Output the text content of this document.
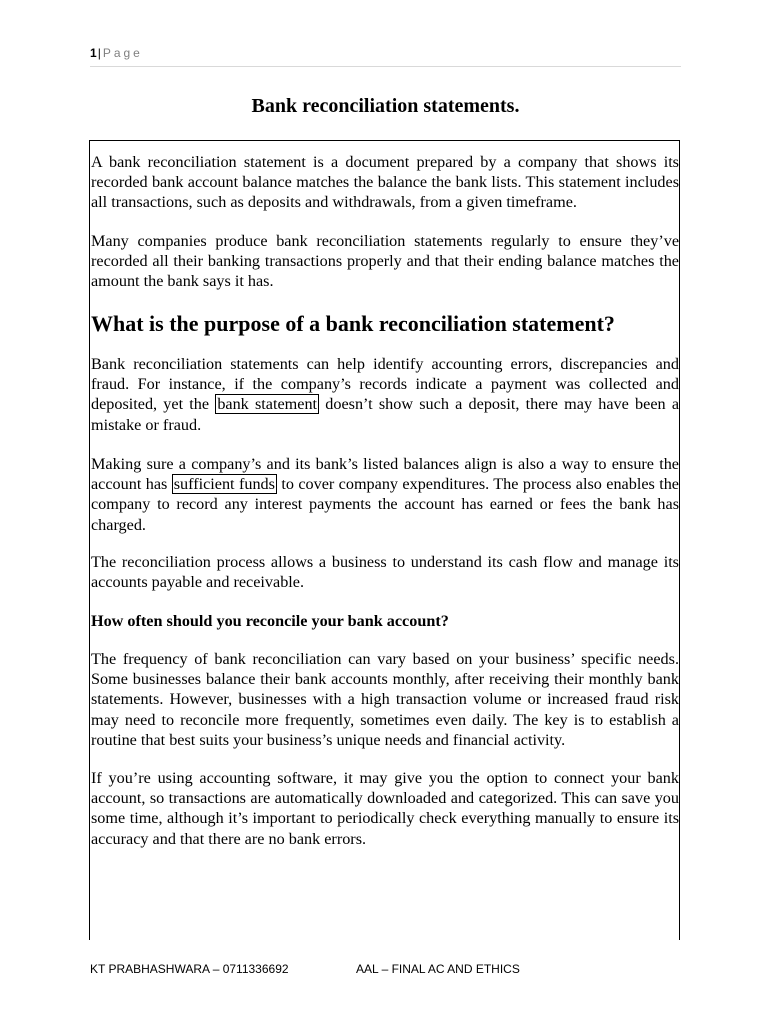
1| Page
Bank reconciliation statements.

A bank reconciliation statement is a document prepared by a company that shows its recorded bank account balance matches the balance the bank lists. This statement includes all transactions, such as deposits and withdrawals, from a given timeframe.

Many companies produce bank reconciliation statements regularly to ensure they’ve recorded all their banking transactions properly and that their ending balance matches the amount the bank says it has.

What is the purpose of a bank reconciliation statement?

Bank reconciliation statements can help identify accounting errors, discrepancies and fraud. For instance, if the company’s records indicate a payment was collected and deposited, yet the bank statement doesn’t show such a deposit, there may have been a mistake or fraud.

Making sure a company’s and its bank’s listed balances align is also a way to ensure the account has sufficient funds to cover company expenditures. The process also enables the company to record any interest payments the account has earned or fees the bank has charged.

The reconciliation process allows a business to understand its cash flow and manage its accounts payable and receivable.

How often should you reconcile your bank account?

The frequency of bank reconciliation can vary based on your business’ specific needs. Some businesses balance their bank accounts monthly, after receiving their monthly bank statements. However, businesses with a high transaction volume or increased fraud risk may need to reconcile more frequently, sometimes even daily. The key is to establish a routine that best suits your business’s unique needs and financial activity.

If you’re using accounting software, it may give you the option to connect your bank account, so transactions are automatically downloaded and categorized. This can save you some time, although it’s important to periodically check everything manually to ensure its accuracy and that there are no bank errors.

KT PRABHASHWARA – 0711336692	AAL – FINAL AC AND ETHICS
